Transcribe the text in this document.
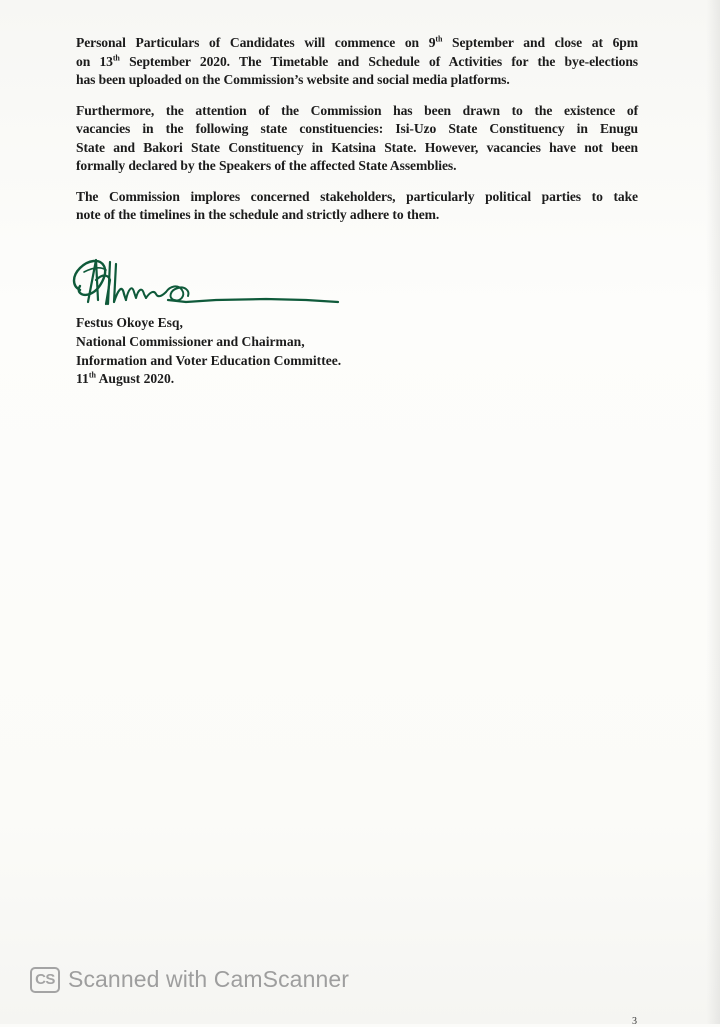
Personal Particulars of Candidates will commence on 9th September and close at 6pm
on 13th September 2020. The Timetable and Schedule of Activities for the bye-elections
has been uploaded on the Commission’s website and social media platforms.

Furthermore, the attention of the Commission has been drawn to the existence of
vacancies in the following state constituencies: Isi-Uzo State Constituency in Enugu
State and Bakori State Constituency in Katsina State. However, vacancies have not been
formally declared by the Speakers of the affected State Assemblies.

The Commission implores concerned stakeholders, particularly political parties to take
note of the timelines in the schedule and strictly adhere to them.

Festus Okoye Esq,
National Commissioner and Chairman,
Information and Voter Education Committee.
11th August 2020.
CS Scanned with CamScanner
3
